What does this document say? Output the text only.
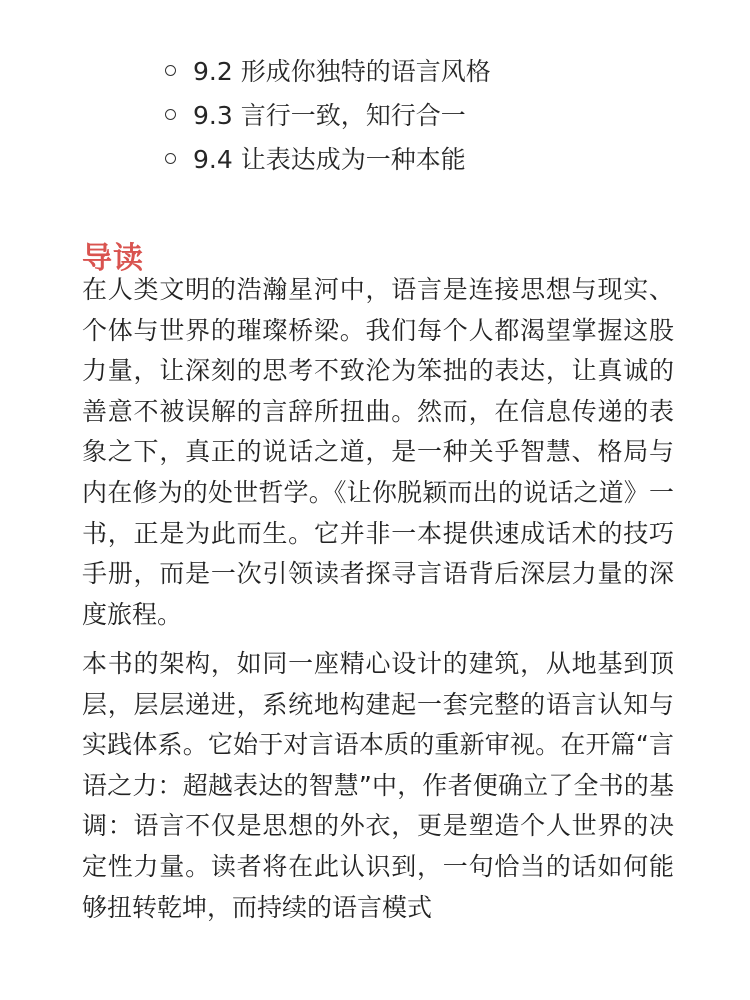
9.2 形成你独特的语言风格
9.3 言行一致，知行合一
9.4 让表达成为一种本能
导读

在人类文明的浩瀚星河中，语言是连接思想与现实、个体与世界的璀璨桥梁。我们每个人都渴望掌握这股力量，让深刻的思考不致沦为笨拙的表达，让真诚的善意不被误解的言辞所扭曲。然而，在信息传递的表象之下，真正的说话之道，是一种关乎智慧、格局与内在修为的处世哲学。《让你脱颖而出的说话之道》一书，正是为此而生。它并非一本提供速成话术的技巧手册，而是一次引领读者探寻言语背后深层力量的深度旅程。

本书的架构，如同一座精心设计的建筑，从地基到顶层，层层递进，系统地构建起一套完整的语言认知与实践体系。它始于对言语本质的重新审视。在开篇“言语之力：超越表达的智慧”中，作者便确立了全书的基调：语言不仅是思想的外衣，更是塑造个人世界的决定性力量。读者将在此认识到，一句恰当的话如何能够扭转乾坤，而持续的语言模式
